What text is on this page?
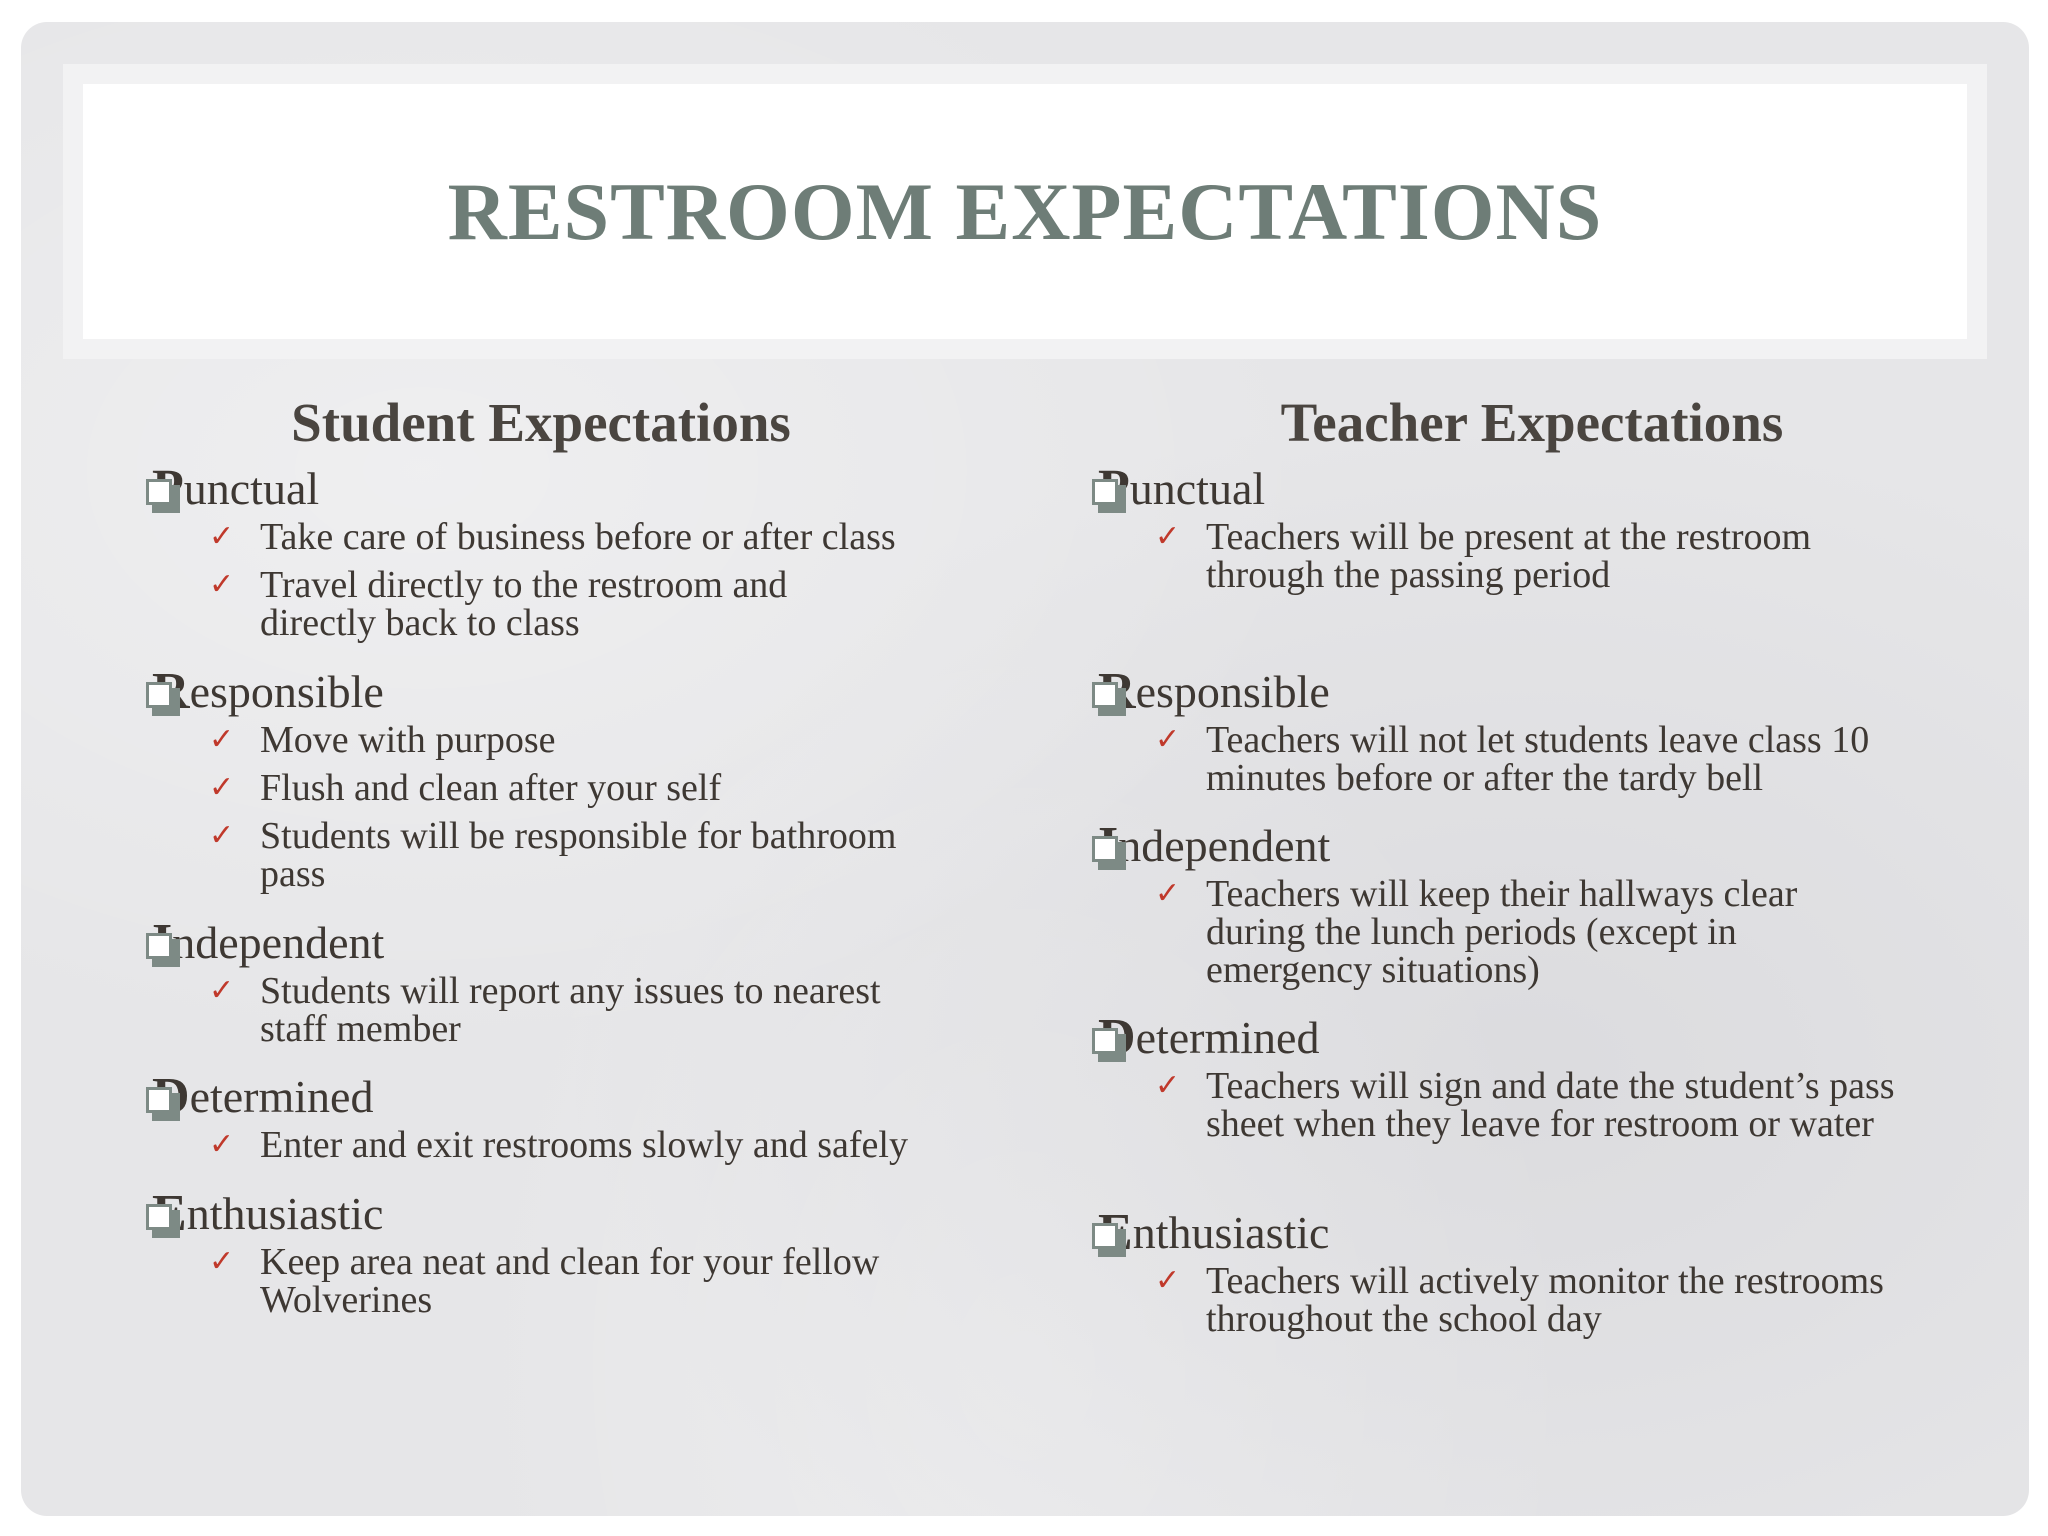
RESTROOM EXPECTATIONS
Student Expectations
P unctual
✓ Take care of business before or after class
✓ Travel directly to the restroom and directly back to class
R esponsible
✓ Move with purpose
✓ Flush and clean after your self
✓ Students will be responsible for bathroom pass
I ndependent
✓ Students will report any issues to nearest staff member
D etermined
✓ Enter and exit restrooms slowly and safely
E nthusiastic
✓ Keep area neat and clean for your fellow Wolverines
Teacher Expectations
P unctual
✓ Teachers will be present at the restroom through the passing period
R esponsible
✓ Teachers will not let students leave class 10 minutes before or after the tardy bell
I ndependent
✓ Teachers will keep their hallways clear during the lunch periods (except in emergency situations)
D etermined
✓ Teachers will sign and date the student’s pass sheet when they leave for restroom or water
E nthusiastic
✓ Teachers will actively monitor the restrooms throughout the school day
